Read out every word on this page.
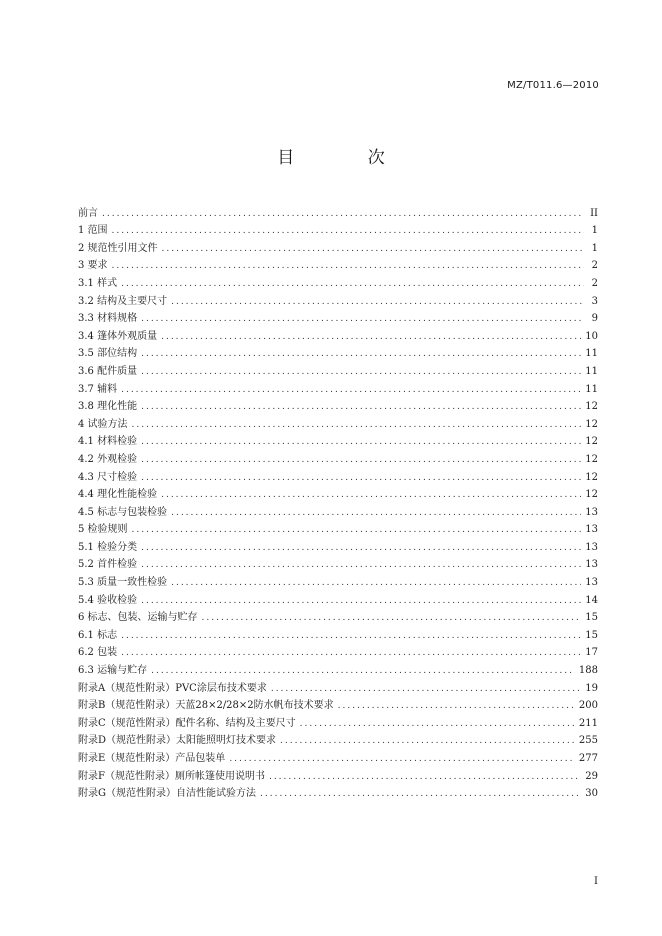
MZ/T011.6—2010
目 次
前言 .....	II
1 范围 .....	1
2 规范性引用文件 .....	1
3 要求 .....	2
3.1 样式 .....	2
3.2 结构及主要尺寸 .....	3
3.3 材料规格 .....	9
3.4 篷体外观质量 .....	10
3.5 部位结构 .....	11
3.6 配件质量 .....	11
3.7 辅料 .....	11
3.8 理化性能 .....	12
4 试验方法 .....	12
4.1 材料检验 .....	12
4.2 外观检验 .....	12
4.3 尺寸检验 .....	12
4.4 理化性能检验 .....	12
4.5 标志与包装检验 .....	13
5 检验规则 .....	13
5.1 检验分类 .....	13
5.2 首件检验 .....	13
5.3 质量一致性检验 .....	13
5.4 验收检验 .....	14
6 标志、包装、运输与贮存 .....	15
6.1 标志 .....	15
6.2 包装 .....	17
6.3 运输与贮存 .....	188
附录A（规范性附录）PVC涂层布技术要求 .....	19
附录B（规范性附录）天蓝28×2/28×2防水帆布技术要求 .....	200
附录C（规范性附录）配件名称、结构及主要尺寸 .....	211
附录D（规范性附录）太阳能照明灯技术要求 .....	255
附录E（规范性附录）产品包装单 .....	277
附录F（规范性附录）厕所帐篷使用说明书 .....	29
附录G（规范性附录）自洁性能试验方法 .....	30
I
